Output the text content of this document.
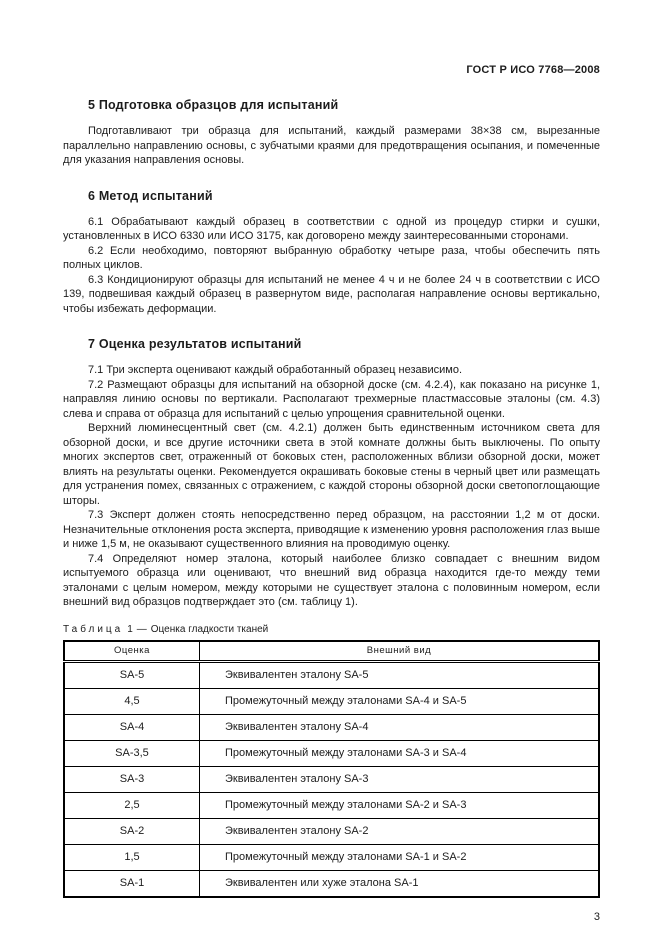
ГОСТ Р ИСО 7768—2008
5 Подготовка образцов для испытаний

Подготавливают три образца для испытаний, каждый размерами 38×38 см, вырезанные параллельно направлению основы, с зубчатыми краями для предотвращения осыпания, и помеченные для указания направления основы.

6 Метод испытаний

6.1 Обрабатывают каждый образец в соответствии с одной из процедур стирки и сушки, установленных в ИСО 6330 или ИСО 3175, как договорено между заинтересованными сторонами.

6.2 Если необходимо, повторяют выбранную обработку четыре раза, чтобы обеспечить пять полных циклов.

6.3 Кондиционируют образцы для испытаний не менее 4 ч и не более 24 ч в соответствии с ИСО 139, подвешивая каждый образец в развернутом виде, располагая направление основы вертикально, чтобы избежать деформации.

7 Оценка результатов испытаний

7.1 Три эксперта оценивают каждый обработанный образец независимо.

7.2 Размещают образцы для испытаний на обзорной доске (см. 4.2.4), как показано на рисунке 1, направляя линию основы по вертикали. Располагают трехмерные пластмассовые эталоны (см. 4.3) слева и справа от образца для испытаний с целью упрощения сравнительной оценки.

Верхний люминесцентный свет (см. 4.2.1) должен быть единственным источником света для обзорной доски, и все другие источники света в этой комнате должны быть выключены. По опыту многих экспертов свет, отраженный от боковых стен, расположенных вблизи обзорной доски, может влиять на результаты оценки. Рекомендуется окрашивать боковые стены в черный цвет или размещать для устранения помех, связанных с отражением, с каждой стороны обзорной доски светопоглощающие шторы.

7.3 Эксперт должен стоять непосредственно перед образцом, на расстоянии 1,2 м от доски. Незначительные отклонения роста эксперта, приводящие к изменению уровня расположения глаз выше и ниже 1,5 м, не оказывают существенного влияния на проводимую оценку.

7.4 Определяют номер эталона, который наиболее близко совпадает с внешним видом испытуемого образца или оценивают, что внешний вид образца находится где-то между теми эталонами с целым номером, между которыми не существует эталона с половинным номером, если внешний вид образцов подтверждает это (см. таблицу 1).

Таблица 1 — Оценка гладкости тканей
Оценка	Внешний вид
SA-5	Эквивалентен эталону SA-5
4,5	Промежуточный между эталонами SA-4 и SA-5
SA-4	Эквивалентен эталону SA-4
SA-3,5	Промежуточный между эталонами SA-3 и SA-4
SA-3	Эквивалентен эталону SA-3
2,5	Промежуточный между эталонами SA-2 и SA-3
SA-2	Эквивалентен эталону SA-2
1,5	Промежуточный между эталонами SA-1 и SA-2
SA-1	Эквивалентен или хуже эталона SA-1
3
